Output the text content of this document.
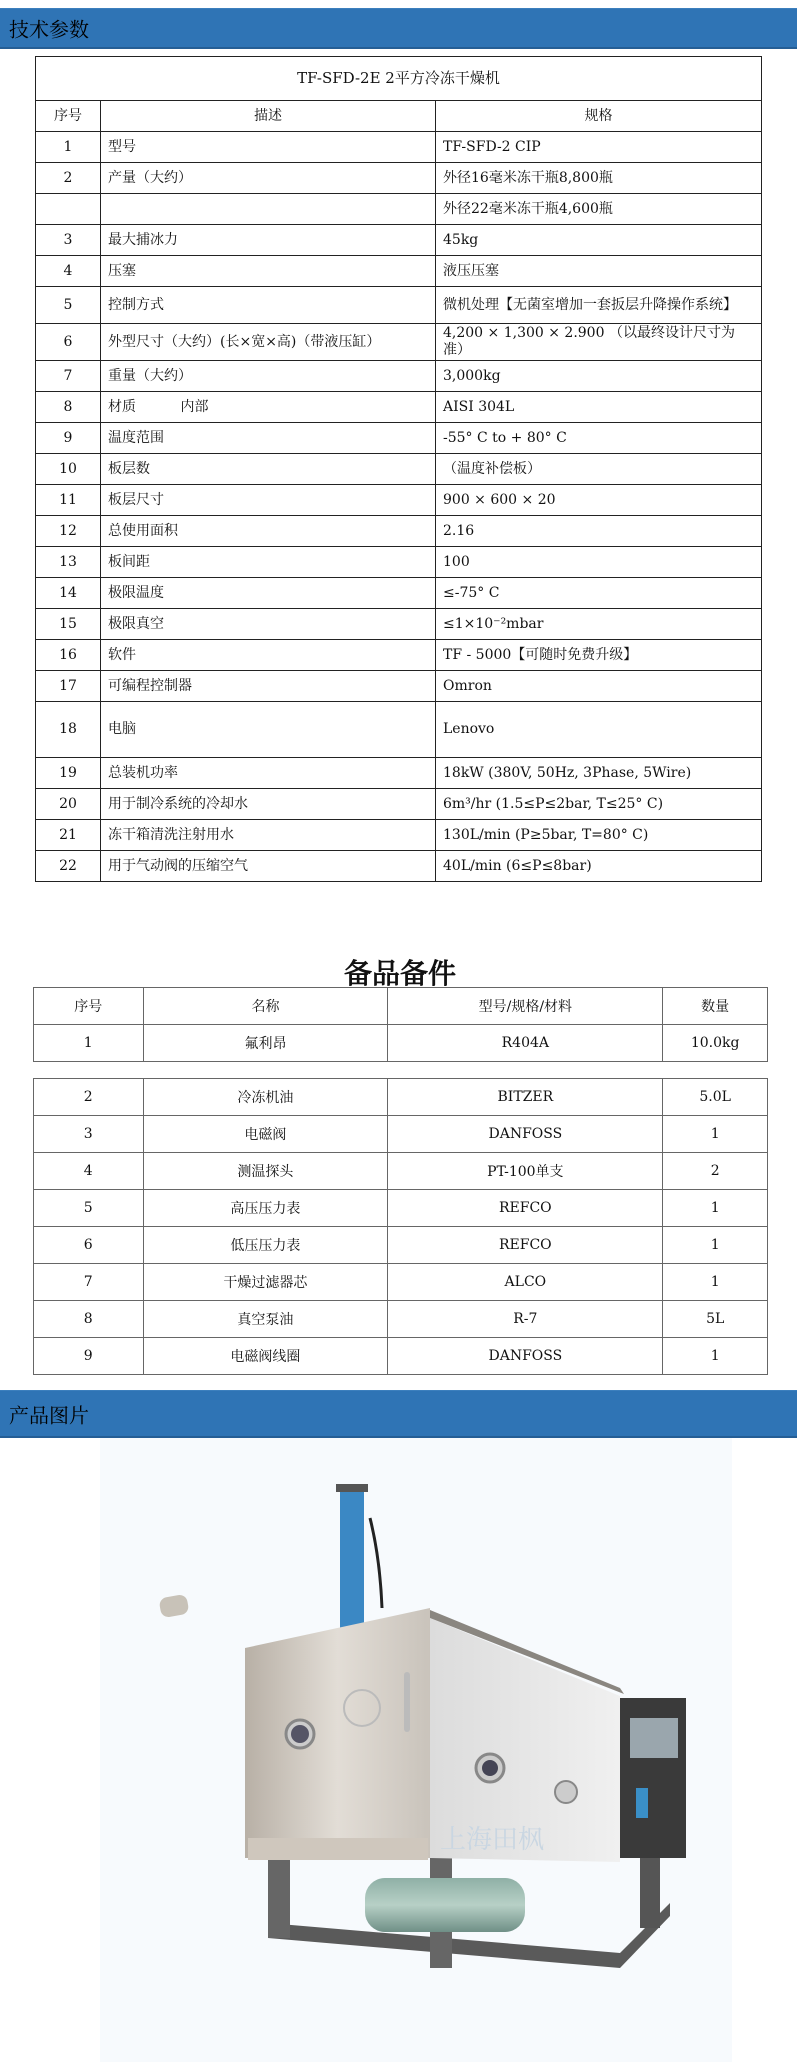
技术参数
TF-SFD-2E 2平方冷冻干燥机		
序号	描述	规格
1	型号	TF-SFD-2 CIP
2	产量（大约）	外径16毫米冻干瓶8,800瓶
		外径22毫米冻干瓶4,600瓶
3	最大捕冰力	45kg
4	压塞	液压压塞
5	控制方式	微机处理【无菌室增加一套扳层升降操作系统】
6	外型尺寸（大约）(长×宽×高)（带液压缸）	4,200 × 1,300 × 2.900 （以最终设计尺寸为准）
7	重量（大约）	3,000kg
8	材质          内部	AISI 304L
9	温度范围	-55° C to + 80° C
10	板层数	（温度补偿板）
11	板层尺寸	900 × 600 × 20
12	总使用面积	2.16
13	板间距	100
14	极限温度	≤-75° C
15	极限真空	≤1×10⁻²mbar
16	软件	TF - 5000【可随时免费升级】
17	可编程控制器	Omron
18	电脑	Lenovo
19	总装机功率	18kW (380V, 50Hz, 3Phase, 5Wire)
20	用于制冷系统的冷却水	6m³/hr (1.5≤P≤2bar, T≤25° C)
21	冻干箱清洗注射用水	130L/min (P≥5bar, T=80° C)
22	用于气动阀的压缩空气	40L/min (6≤P≤8bar)
备品备件
序号	名称	型号/规格/材料	数量
1	氟利昂	R404A	10.0kg
2	冷冻机油	BITZER	5.0L
3	电磁阀	DANFOSS	1
4	测温探头	PT-100单支	2
5	高压压力表	REFCO	1
6	低压压力表	REFCO	1
7	干燥过滤器芯	ALCO	1
8	真空泵油	R-7	5L
9	电磁阀线圈	DANFOSS	1
产品图片
上海田枫
